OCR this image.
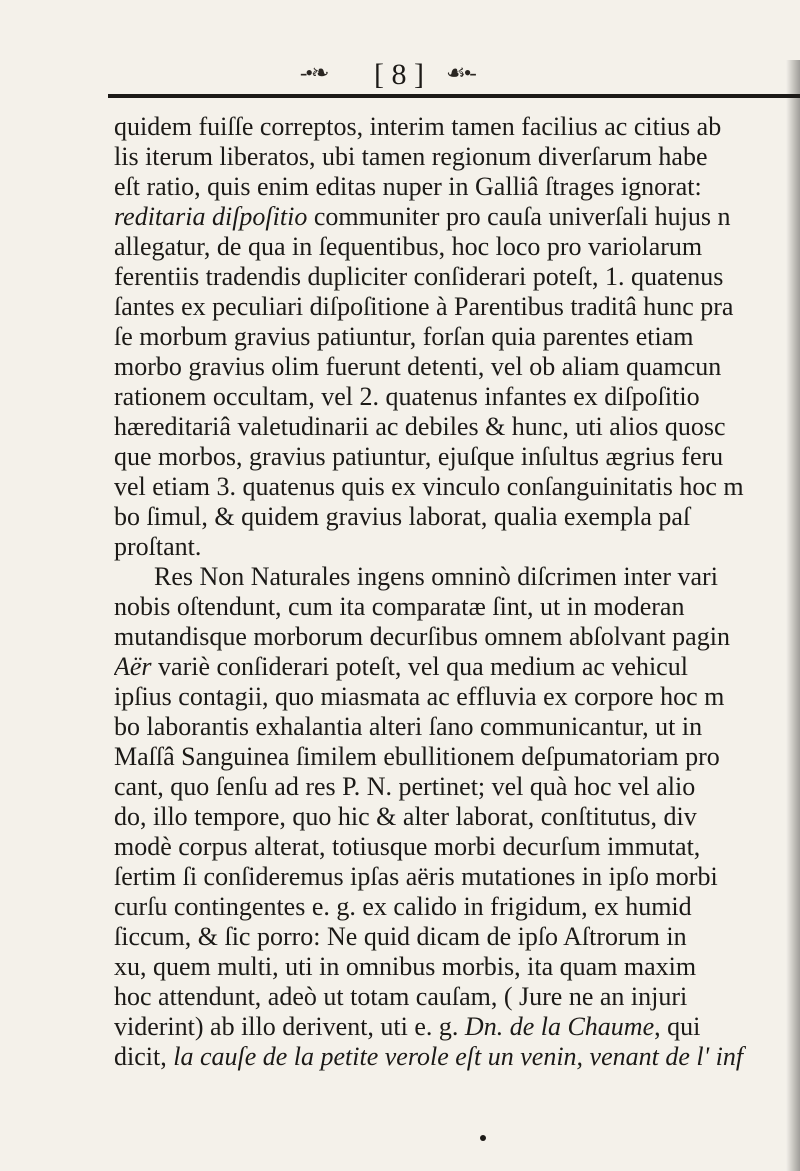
-•❧	[ 8 ]	☙•-
quidem fuiſſe correptos, interim tamen facilius ac citius ab
lis iterum liberatos, ubi tamen regionum diverſarum habe
eſt ratio, quis enim editas nuper in Galliâ ſtrages ignorat:
reditaria diſpoſitio communiter pro cauſa univerſali hujus n
allegatur, de qua in ſequentibus, hoc loco pro variolarum
ferentiis tradendis dupliciter conſiderari poteſt, 1. quatenus
ſantes ex peculiari diſpoſitione à Parentibus traditâ hunc pra
ſe morbum gravius patiuntur, forſan quia parentes etiam
morbo gravius olim fuerunt detenti, vel ob aliam quamcun
rationem occultam, vel 2. quatenus infantes ex diſpoſitio
hæreditariâ valetudinarii ac debiles & hunc, uti alios quosc
que morbos, gravius patiuntur, ejuſque inſultus ægrius feru
vel etiam 3. quatenus quis ex vinculo conſanguinitatis hoc m
bo ſimul, & quidem gravius laborat, qualia exempla paſ
proſtant.
Res Non Naturales ingens omninò diſcrimen inter vari
nobis oſtendunt, cum ita comparatæ ſint, ut in moderan
mutandisque morborum decurſibus omnem abſolvant pagin
Aër variè conſiderari poteſt, vel qua medium ac vehicul
ipſius contagii, quo miasmata ac effluvia ex corpore hoc m
bo laborantis exhalantia alteri ſano communicantur, ut in
Maſſâ Sanguinea ſimilem ebullitionem deſpumatoriam pro
cant, quo ſenſu ad res P. N. pertinet; vel quà hoc vel alio
do, illo tempore, quo hic & alter laborat, conſtitutus, div
modè corpus alterat, totiusque morbi decurſum immutat,
ſertim ſi conſideremus ipſas aëris mutationes in ipſo morbi
curſu contingentes e. g. ex calido in frigidum, ex humid
ſiccum, & ſic porro: Ne quid dicam de ipſo Aſtrorum in
xu, quem multi, uti in omnibus morbis, ita quam maxim
hoc attendunt, adeò ut totam cauſam, ( Jure ne an injuri
viderint) ab illo derivent, uti e. g. Dn. de la Chaume, qui
dicit, la cauſe de la petite verole eſt un venin, venant de l' inf
